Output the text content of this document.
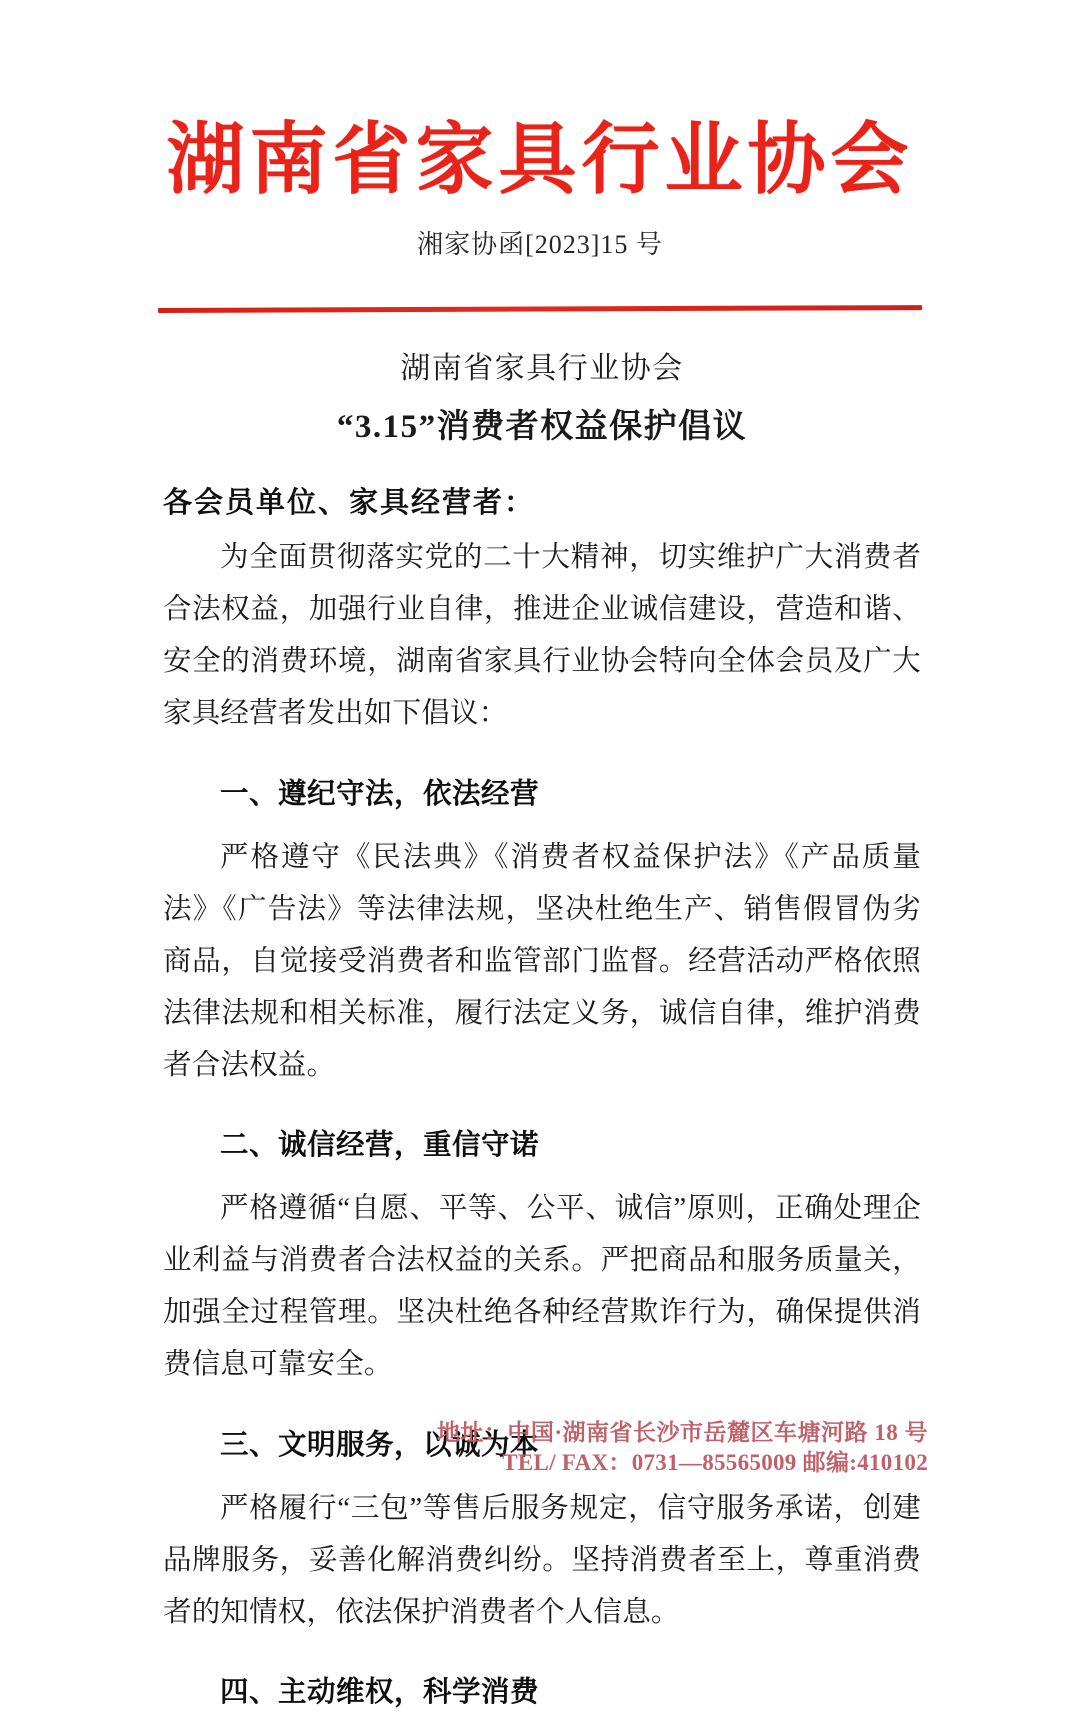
湖南省家具行业协会
湘家协函[2023]15 号
湖南省家具行业协会
“3.15”消费者权益保护倡议
各会员单位、家具经营者：

为全面贯彻落实党的二十大精神，切实维护广大消费者合法权益，加强行业自律，推进企业诚信建设，营造和谐、安全的消费环境，湖南省家具行业协会特向全体会员及广大家具经营者发出如下倡议：

一、遵纪守法，依法经营

严格遵守《民法典》《消费者权益保护法》《产品质量法》《广告法》等法律法规，坚决杜绝生产、销售假冒伪劣商品，自觉接受消费者和监管部门监督。经营活动严格依照法律法规和相关标准，履行法定义务，诚信自律，维护消费者合法权益。

二、诚信经营，重信守诺

严格遵循“自愿、平等、公平、诚信”原则，正确处理企业利益与消费者合法权益的关系。严把商品和服务质量关，加强全过程管理。坚决杜绝各种经营欺诈行为，确保提供消费信息可靠安全。

三、文明服务，以诚为本

严格履行“三包”等售后服务规定，信守服务承诺，创建品牌服务，妥善化解消费纠纷。坚持消费者至上，尊重消费者的知情权，依法保护消费者个人信息。

四、主动维权，科学消费
地址：中国·湖南省长沙市岳麓区车塘河路 18 号
TEL/ FAX：0731—85565009 邮编:410102
